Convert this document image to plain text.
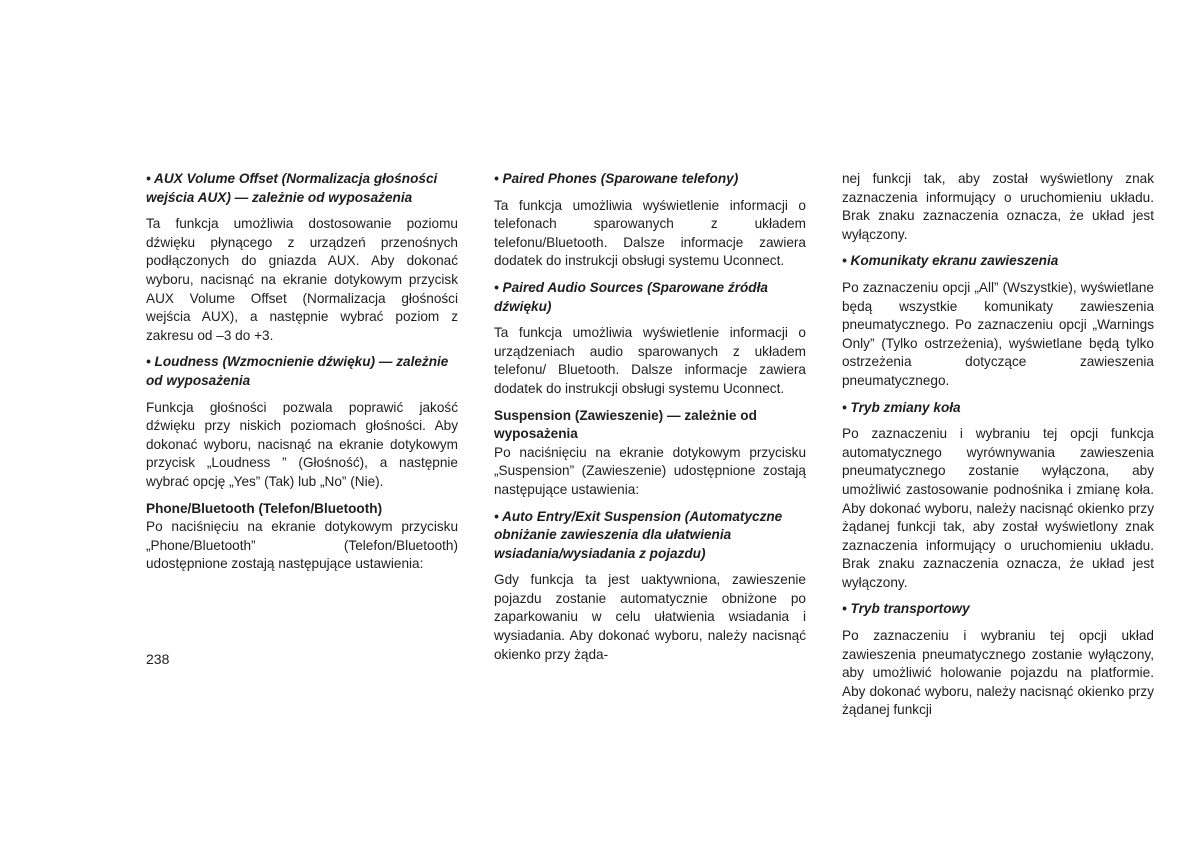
• AUX Volume Offset (Normalizacja głośności wejścia AUX) — zależnie od wyposażenia

Ta funkcja umożliwia dostosowanie poziomu dźwięku płynącego z urządzeń przenośnych podłączonych do gniazda AUX. Aby dokonać wyboru, nacisnąć na ekranie dotykowym przycisk AUX Volume Offset (Normalizacja głośności wejścia AUX), a następnie wybrać poziom z zakresu od –3 do +3.

• Loudness (Wzmocnienie dźwięku) — zależnie od wyposażenia

Funkcja głośności pozwala poprawić jakość dźwięku przy niskich poziomach głośności. Aby dokonać wyboru, nacisnąć na ekranie dotykowym przycisk „Loudness ” (Głośność), a następnie wybrać opcję „Yes” (Tak) lub „No” (Nie).

Phone/Bluetooth (Telefon/Bluetooth)

Po naciśnięciu na ekranie dotykowym przycisku „Phone/Bluetooth” (Telefon/Bluetooth) udostępnione zostają następujące ustawienia:

• Paired Phones (Sparowane telefony)

Ta funkcja umożliwia wyświetlenie informacji o telefonach sparowanych z układem telefonu/Bluetooth. Dalsze informacje zawiera dodatek do instrukcji obsługi systemu Uconnect.

• Paired Audio Sources (Sparowane źródła dźwięku)

Ta funkcja umożliwia wyświetlenie informacji o urządzeniach audio sparowanych z układem telefonu/ Bluetooth. Dalsze informacje zawiera dodatek do instrukcji obsługi systemu Uconnect.

Suspension (Zawieszenie) — zależnie od wyposażenia

Po naciśnięciu na ekranie dotykowym przycisku „Suspension” (Zawieszenie) udostępnione zostają następujące ustawienia:

• Auto Entry/Exit Suspension (Automatyczne obniżanie zawieszenia dla ułatwienia wsiadania/wysiadania z pojazdu)

Gdy funkcja ta jest uaktywniona, zawieszenie pojazdu zostanie automatycznie obniżone po zaparkowaniu w celu ułatwienia wsiadania i wysiadania. Aby dokonać wyboru, należy nacisnąć okienko przy żąda-

nej funkcji tak, aby został wyświetlony znak zaznaczenia informujący o uruchomieniu układu. Brak znaku zaznaczenia oznacza, że układ jest wyłączony.

• Komunikaty ekranu zawieszenia

Po zaznaczeniu opcji „All” (Wszystkie), wyświetlane będą wszystkie komunikaty zawieszenia pneumatycznego. Po zaznaczeniu opcji „Warnings Only” (Tylko ostrzeżenia), wyświetlane będą tylko ostrzeżenia dotyczące zawieszenia pneumatycznego.

• Tryb zmiany koła

Po zaznaczeniu i wybraniu tej opcji funkcja automatycznego wyrównywania zawieszenia pneumatycznego zostanie wyłączona, aby umożliwić zastosowanie podnośnika i zmianę koła. Aby dokonać wyboru, należy nacisnąć okienko przy żądanej funkcji tak, aby został wyświetlony znak zaznaczenia informujący o uruchomieniu układu. Brak znaku zaznaczenia oznacza, że układ jest wyłączony.

• Tryb transportowy

Po zaznaczeniu i wybraniu tej opcji układ zawieszenia pneumatycznego zostanie wyłączony, aby umożliwić holowanie pojazdu na platformie. Aby dokonać wyboru, należy nacisnąć okienko przy żądanej funkcji

238
